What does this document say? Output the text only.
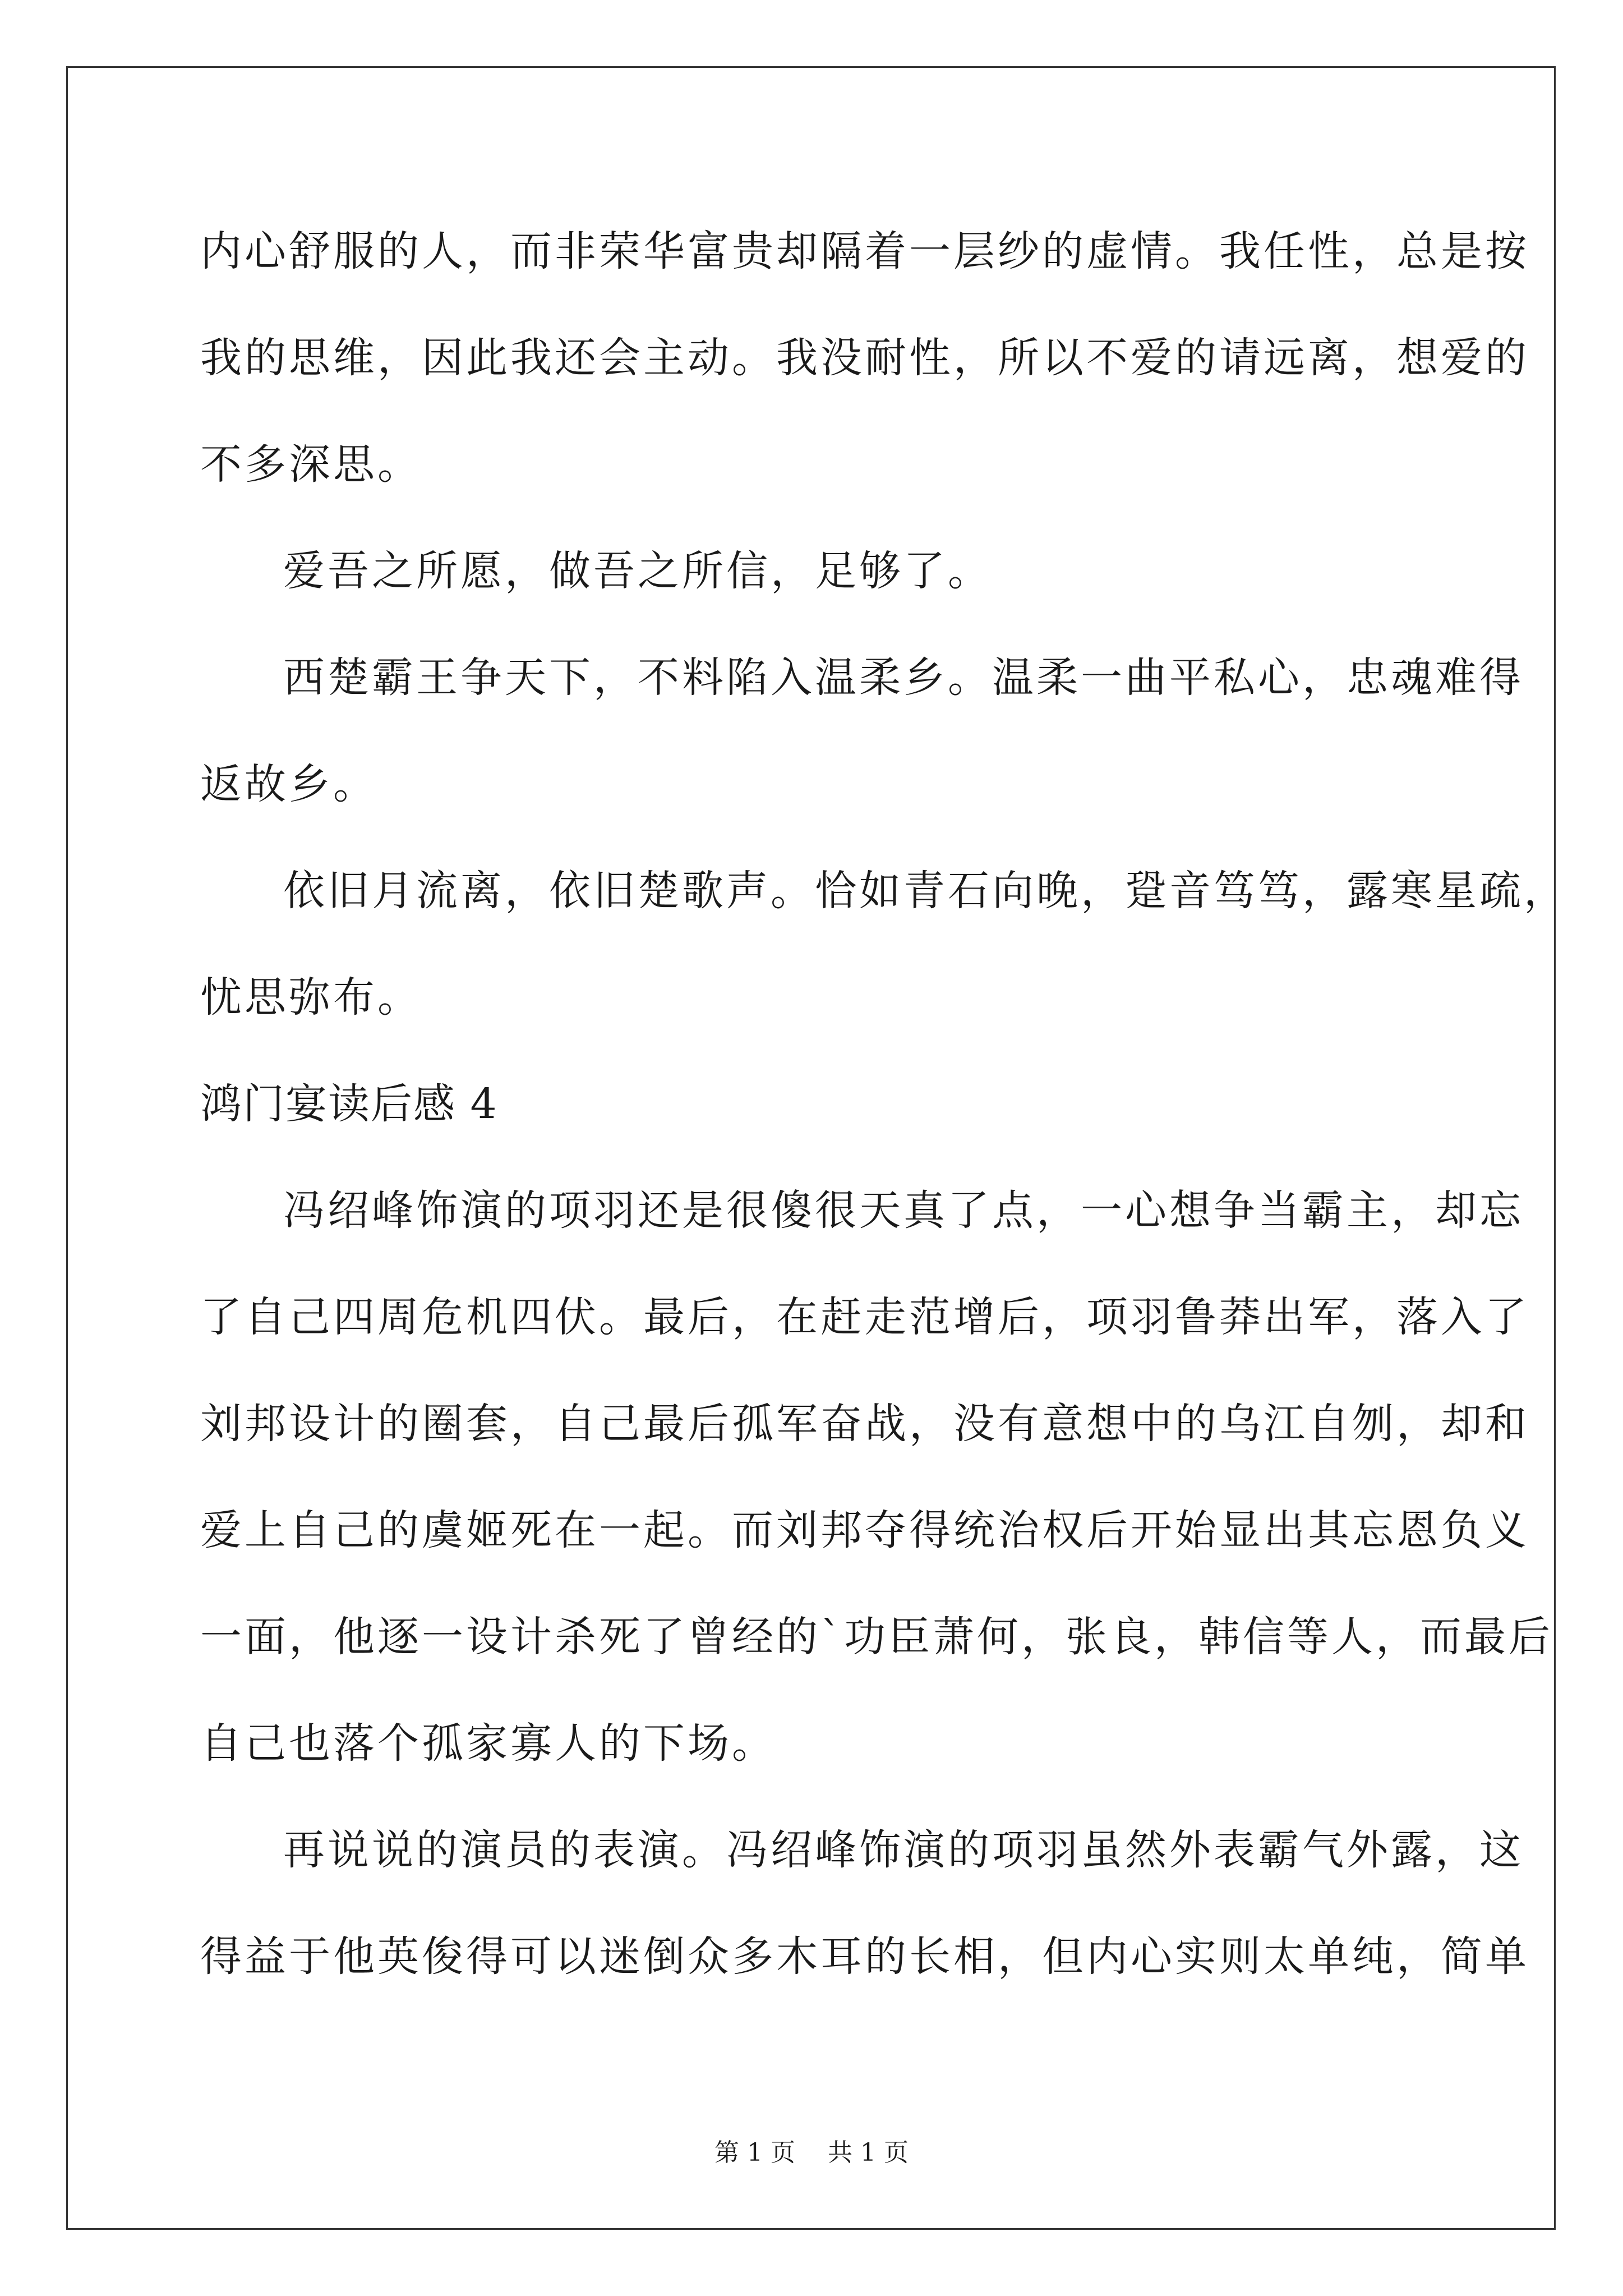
内心舒服的人，而非荣华富贵却隔着一层纱的虚情。我任性，总是按
我的思维，因此我还会主动。我没耐性，所以不爱的请远离，想爱的
不多深思。
爱吾之所愿，做吾之所信，足够了。
西楚霸王争天下，不料陷入温柔乡。温柔一曲平私心，忠魂难得
返故乡。
依旧月流离，依旧楚歌声。恰如青石向晚，跫音笃笃，露寒星疏，
忧思弥布。
鸿门宴读后感 4
冯绍峰饰演的项羽还是很傻很天真了点，一心想争当霸主，却忘
了自己四周危机四伏。最后，在赶走范增后，项羽鲁莽出军，落入了
刘邦设计的圈套，自己最后孤军奋战，没有意想中的乌江自刎，却和
爱上自己的虞姬死在一起。而刘邦夺得统治权后开始显出其忘恩负义
一面，他逐一设计杀死了曾经的`功臣萧何，张良，韩信等人，而最后
自己也落个孤家寡人的下场。
再说说的演员的表演。冯绍峰饰演的项羽虽然外表霸气外露，这
得益于他英俊得可以迷倒众多木耳的长相，但内心实则太单纯，简单
第 1 页　 共 1 页
